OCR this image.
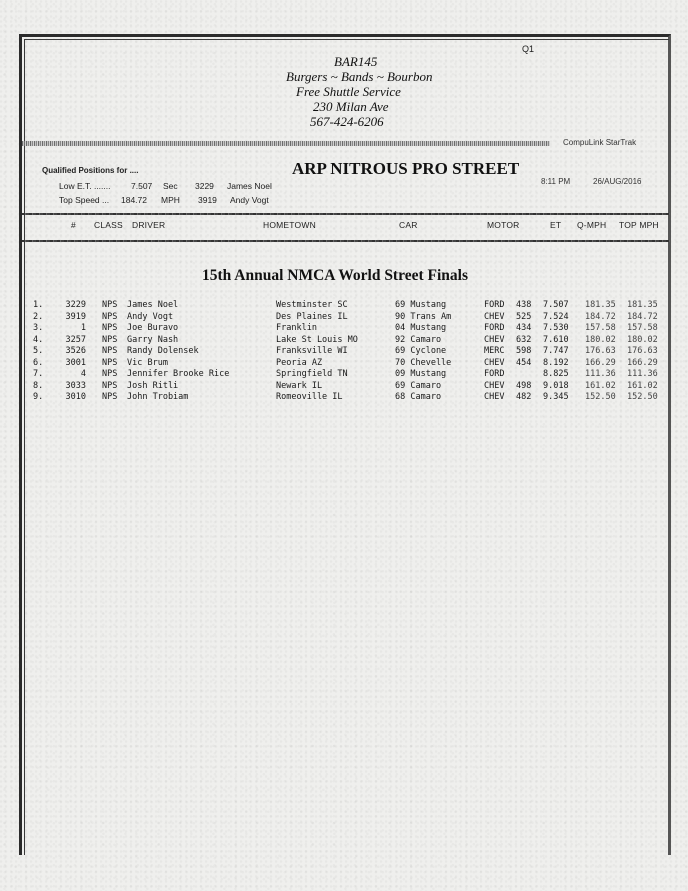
Q1
BAR145
Burgers ~ Bands ~ Bourbon
Free Shuttle Service
230 Milan Ave
567-424-6206
CompuLink StarTrak
Qualified Positions for ....
Low E.T. ....... 7.507 Sec 3229 James Noel
Top Speed ... 184.72 MPH 3919 Andy Vogt
ARP NITROUS PRO STREET
8:11 PM	26/AUG/2016
# CLASS DRIVER	HOMETOWN	CAR	MOTOR	ET Q-MPH TOP MPH
15th Annual NMCA World Street Finals
1.	3229 NPS James Noel	Westminster SC	69 Mustang	FORD 438 7.507 181.35 181.35
2.	3919 NPS Andy Vogt	Des Plaines IL	90 Trans Am	CHEV 525 7.524 184.72 184.72
3.	1 NPS Joe Buravo	Franklin	04 Mustang	FORD 434 7.530 157.58 157.58
4.	3257 NPS Garry Nash	Lake St Louis MO	92 Camaro	CHEV 632 7.610 180.02 180.02
5.	3526 NPS Randy Dolensek	Franksville WI	69 Cyclone	MERC 598 7.747 176.63 176.63
6.	3001 NPS Vic Brum	Peoria AZ	70 Chevelle	CHEV 454 8.192 166.29 166.29
7.	4 NPS Jennifer Brooke Rice	Springfield TN	09 Mustang	FORD	8.825 111.36 111.36
8.	3033 NPS Josh Ritli	Newark IL	69 Camaro	CHEV 498 9.018 161.02 161.02
9.	3010 NPS John Trobiam	Romeoville IL	68 Camaro	CHEV 482 9.345 152.50 152.50
